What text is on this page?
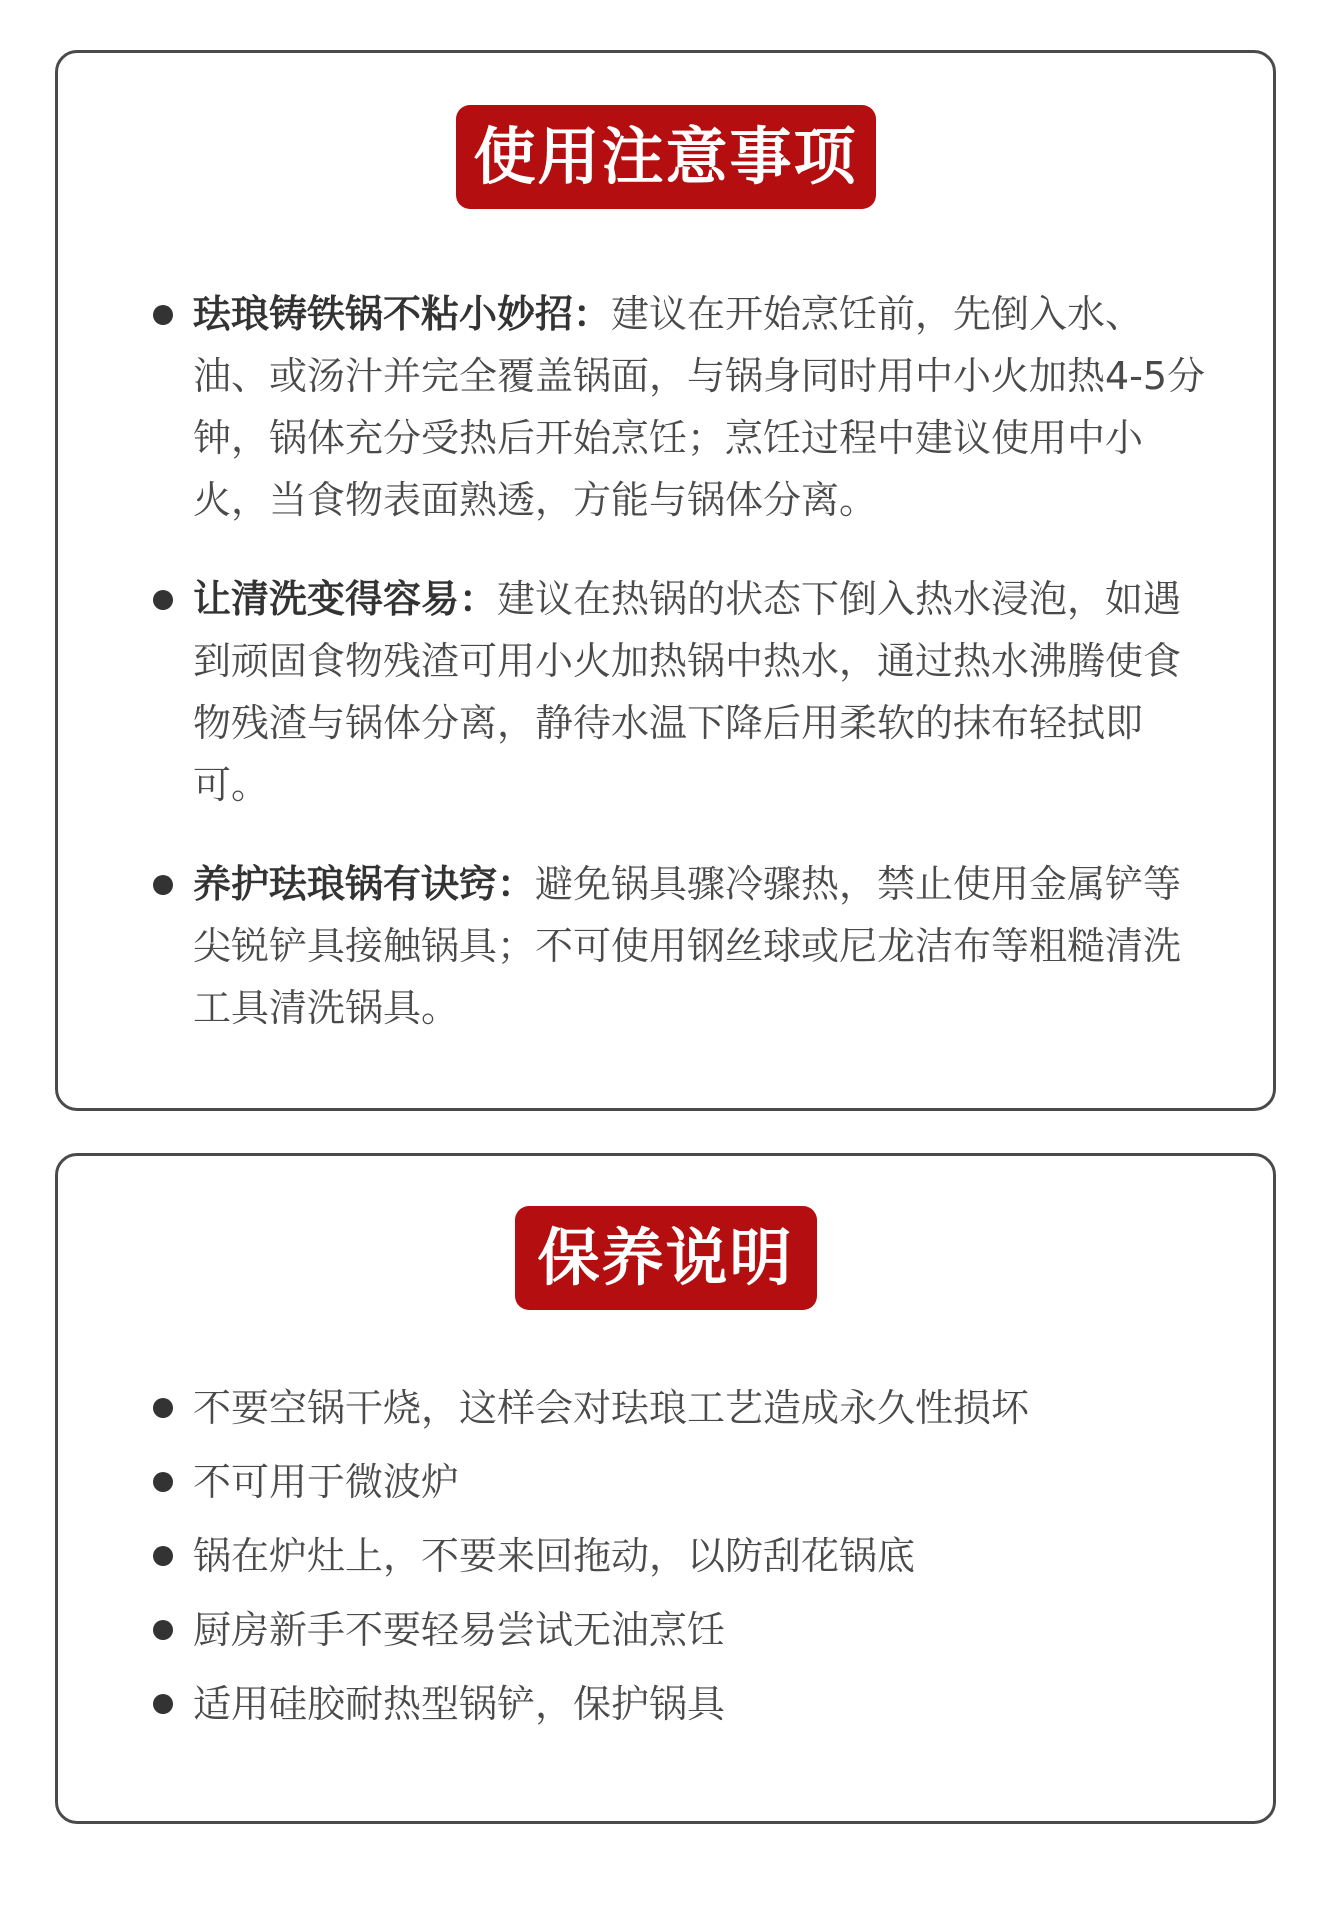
使用注意事项
珐琅铸铁锅不粘小妙招：建议在开始烹饪前，先倒入水、油、或汤汁并完全覆盖锅面，与锅身同时用中小火加热4-5分钟，锅体充分受热后开始烹饪；烹饪过程中建议使用中小火，当食物表面熟透，方能与锅体分离。
让清洗变得容易：建议在热锅的状态下倒入热水浸泡，如遇到顽固食物残渣可用小火加热锅中热水，通过热水沸腾使食物残渣与锅体分离，静待水温下降后用柔软的抹布轻拭即可。
养护珐琅锅有诀窍：避免锅具骤冷骤热，禁止使用金属铲等尖锐铲具接触锅具；不可使用钢丝球或尼龙洁布等粗糙清洗工具清洗锅具。
保养说明
不要空锅干烧，这样会对珐琅工艺造成永久性损坏
不可用于微波炉
锅在炉灶上，不要来回拖动，以防刮花锅底
厨房新手不要轻易尝试无油烹饪
适用硅胶耐热型锅铲，保护锅具
